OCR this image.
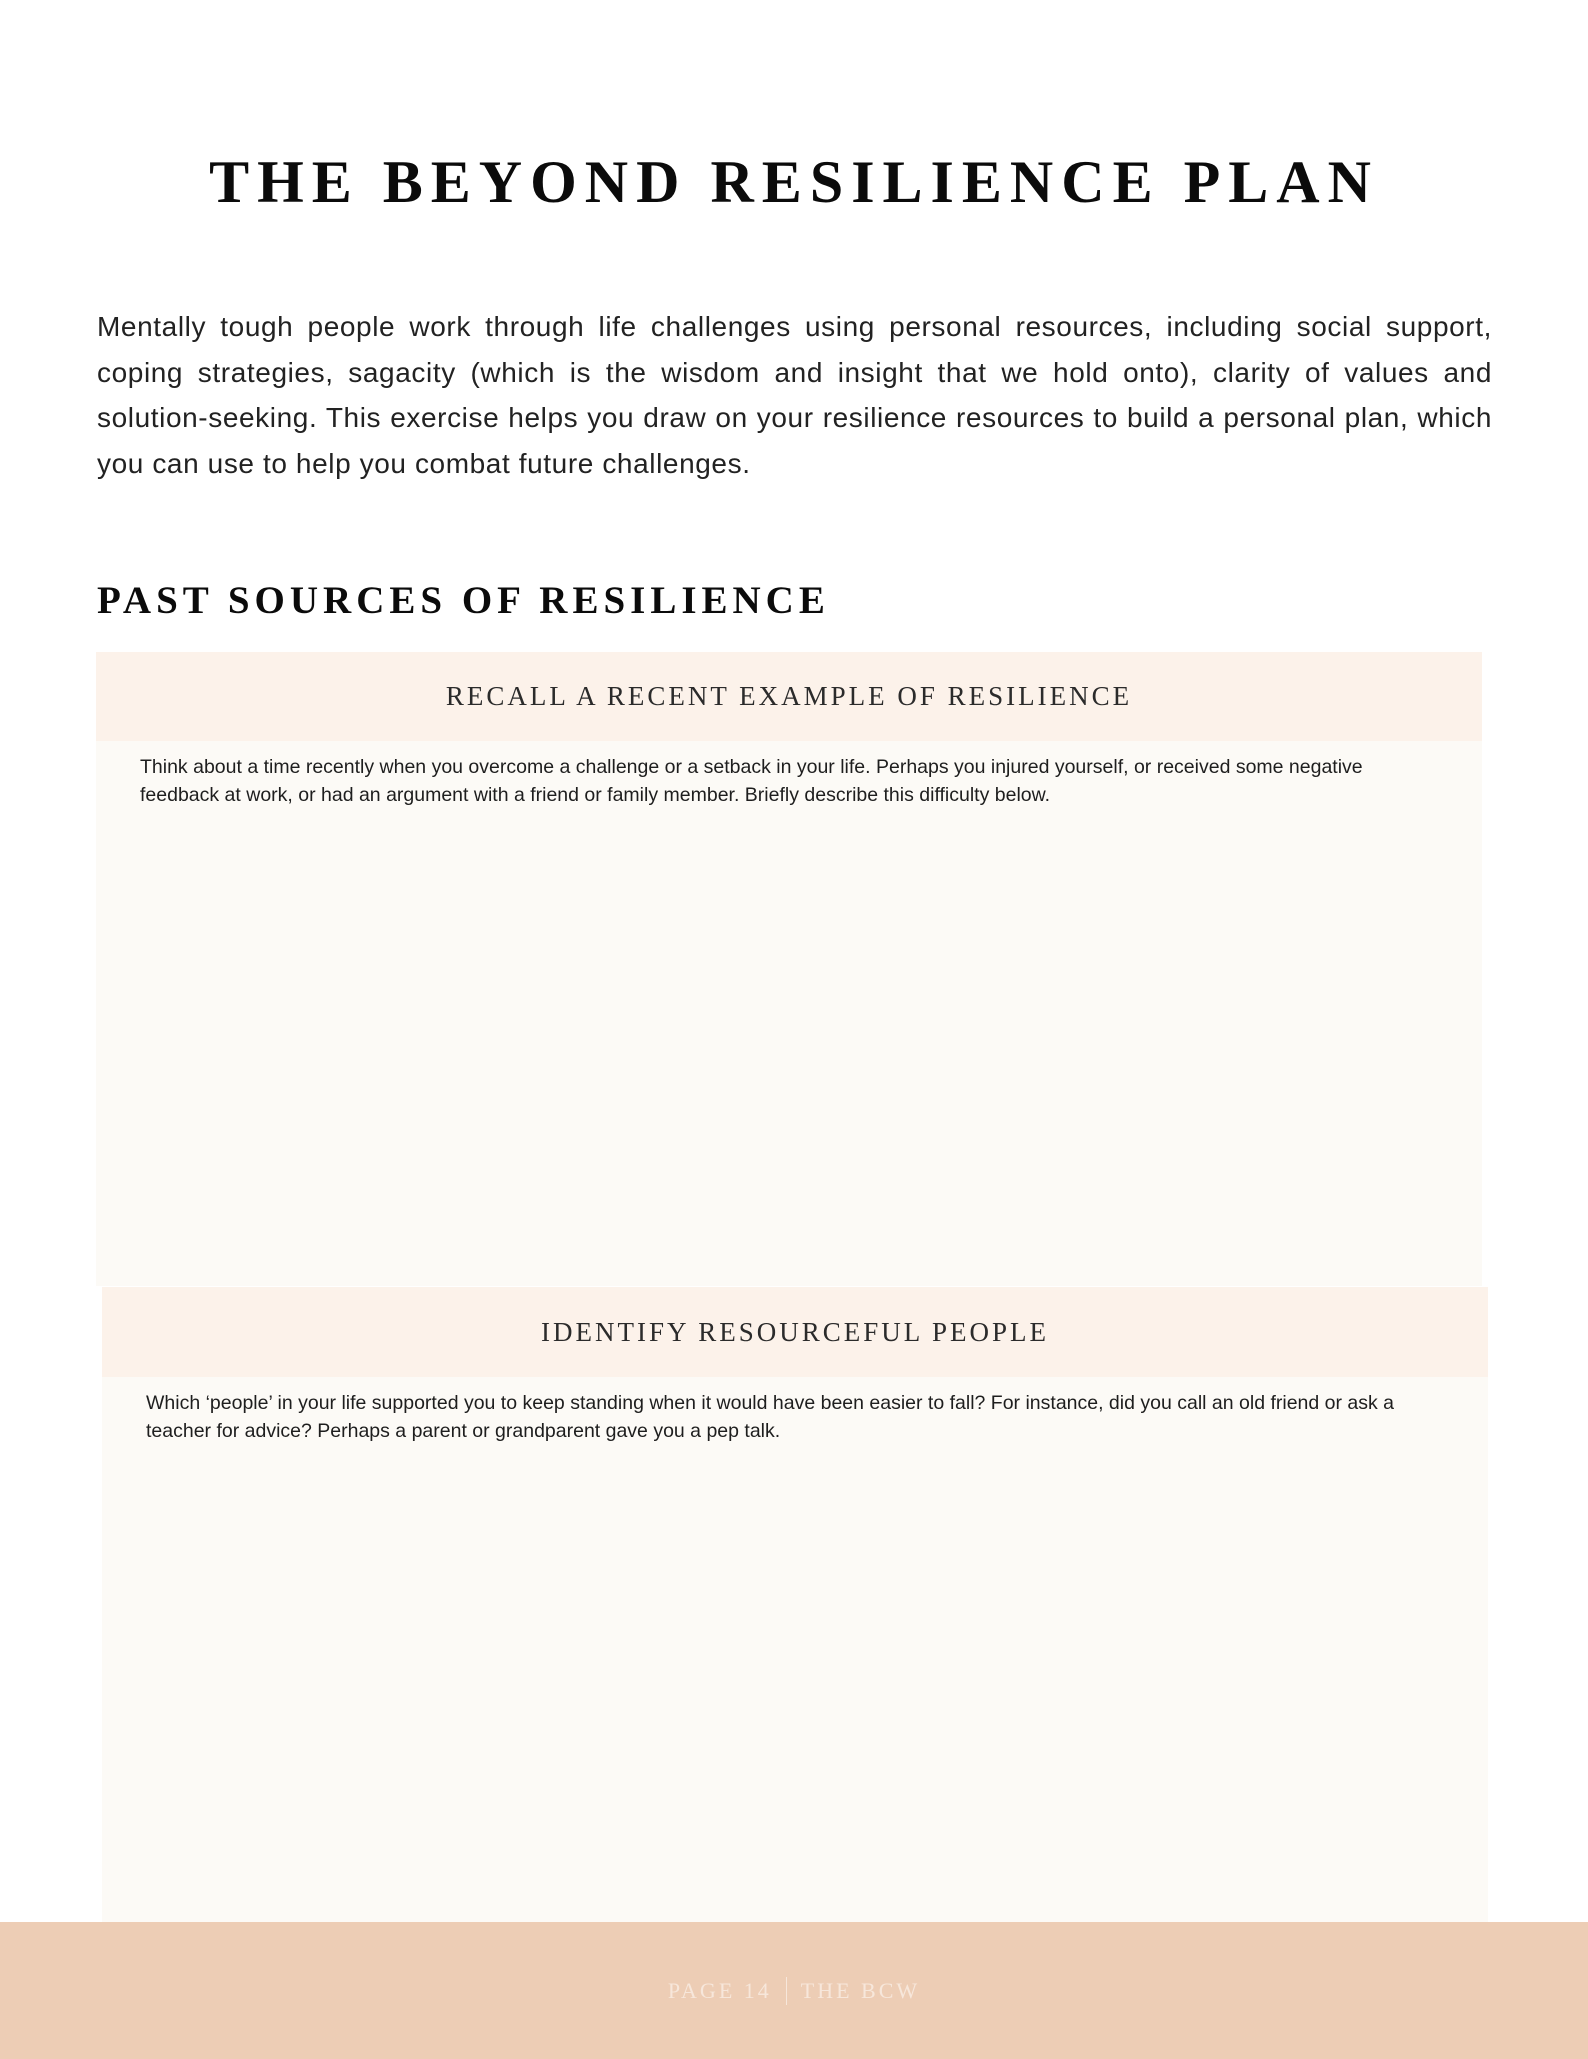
THE BEYOND RESILIENCE PLAN

Mentally tough people work through life challenges using personal resources, including social support, coping strategies, sagacity (which is the wisdom and insight that we hold onto), clarity of values and solution-seeking. This exercise helps you draw on your resilience resources to build a personal plan, which you can use to help you combat future challenges.

PAST SOURCES OF RESILIENCE
RECALL A RECENT EXAMPLE OF RESILIENCE

Think about a time recently when you overcome a challenge or a setback in your life. Perhaps you injured yourself, or received some negative feedback at work, or had an argument with a friend or family member. Briefly describe this difficulty below.

IDENTIFY RESOURCEFUL PEOPLE

Which ‘people’ in your life supported you to keep standing when it would have been easier to fall? For instance, did you call an old friend or ask a teacher for advice? Perhaps a parent or grandparent gave you a pep talk.

PAGE 14 THE BCW
